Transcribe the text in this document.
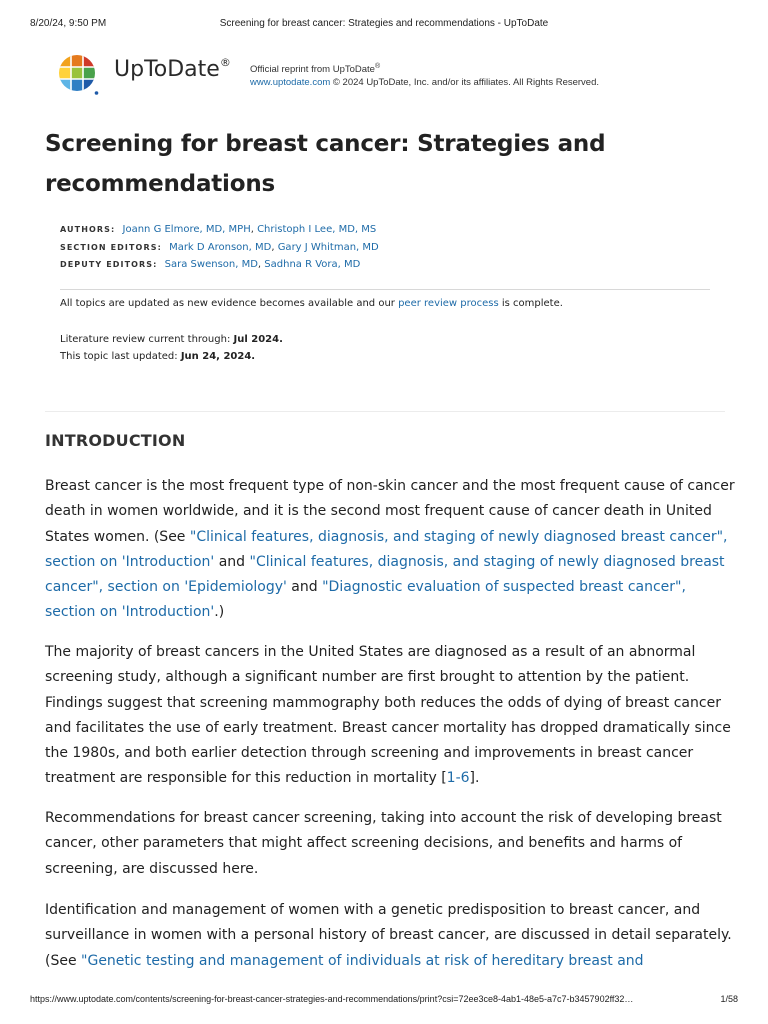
8/20/24, 9:50 PM	Screening for breast cancer: Strategies and recommendations - UpToDate
UpToDate®
Official reprint from UpToDate®
www.uptodate.com © 2024 UpToDate, Inc. and/or its affiliates. All Rights Reserved.
Screening for breast cancer: Strategies and recommendations
AUTHORS: Joann G Elmore, MD, MPH, Christoph I Lee, MD, MS
SECTION EDITORS: Mark D Aronson, MD, Gary J Whitman, MD
DEPUTY EDITORS: Sara Swenson, MD, Sadhna R Vora, MD
All topics are updated as new evidence becomes available and our peer review process is complete.
Literature review current through: Jul 2024.
This topic last updated: Jun 24, 2024.
INTRODUCTION

Breast cancer is the most frequent type of non-skin cancer and the most frequent cause of cancer death in women worldwide, and it is the second most frequent cause of cancer death in United States women. (See "Clinical features, diagnosis, and staging of newly diagnosed breast cancer", section on 'Introduction' and "Clinical features, diagnosis, and staging of newly diagnosed breast cancer", section on 'Epidemiology' and "Diagnostic evaluation of suspected breast cancer", section on 'Introduction'.)

The majority of breast cancers in the United States are diagnosed as a result of an abnormal screening study, although a significant number are first brought to attention by the patient. Findings suggest that screening mammography both reduces the odds of dying of breast cancer and facilitates the use of early treatment. Breast cancer mortality has dropped dramatically since the 1980s, and both earlier detection through screening and improvements in breast cancer treatment are responsible for this reduction in mortality [1-6].

Recommendations for breast cancer screening, taking into account the risk of developing breast cancer, other parameters that might affect screening decisions, and benefits and harms of screening, are discussed here.

Identification and management of women with a genetic predisposition to breast cancer, and surveillance in women with a personal history of breast cancer, are discussed in detail separately. (See "Genetic testing and management of individuals at risk of hereditary breast and

https://www.uptodate.com/contents/screening-for-breast-cancer-strategies-and-recommendations/print?csi=72ee3ce8-4ab1-48e5-a7c7-b3457902ff32…	1/58
